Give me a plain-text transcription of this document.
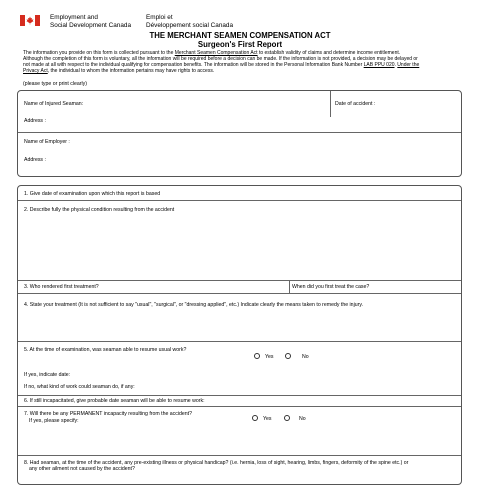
Employment and
Social Development Canada
Emploi et
Développement social Canada
THE MERCHANT SEAMEN COMPENSATION ACT
Surgeon's First Report
The information you provide on this form is collected pursuant to the Merchant Seamen Compensation Act to establish validity of claims and determine income entitlement.
Although the completion of this form is voluntary, all the information will be required before a decision can be made. If the information is not provided, a decision may be delayed or
not made at all with respect to the individual qualifying for compensation benefits. The information will be stored in the Personal Information Bank Number LAB PPU 020. Under the
Privacy Act, the individual to whom the information pertains may have rights to access.
(please type or print clearly)
Name of Injured Seaman:	Date of accident :
Address :
Name of Employer :
Address :
1. Give date of examination upon which this report is based
2. Describe fully the physical condition resulting from the accident
3. Who rendered first treatment?	When did you first treat the case?
4. State your treatment (It is not sufficient to say "usual", "surgical", or "dressing applied", etc.) Indicate clearly the means taken to remedy the injury.
5. At the time of examination, was seaman able to resume usual work?
Yes	No
If yes, indicate date:
If no, what kind of work could seaman do, if any:
6. If still incapacitated, give probable date seaman will be able to resume work:
7. Will there be any PERMANENT incapacity resulting from the accident?
If yes, please specify:	Yes	No
8. Had seaman, at the time of the accident, any pre-existing illness or physical handicap? (i.e. hernia, loss of sight, hearing, limbs, fingers, deformity of the spine etc.) or
any other ailment not caused by the accident?
